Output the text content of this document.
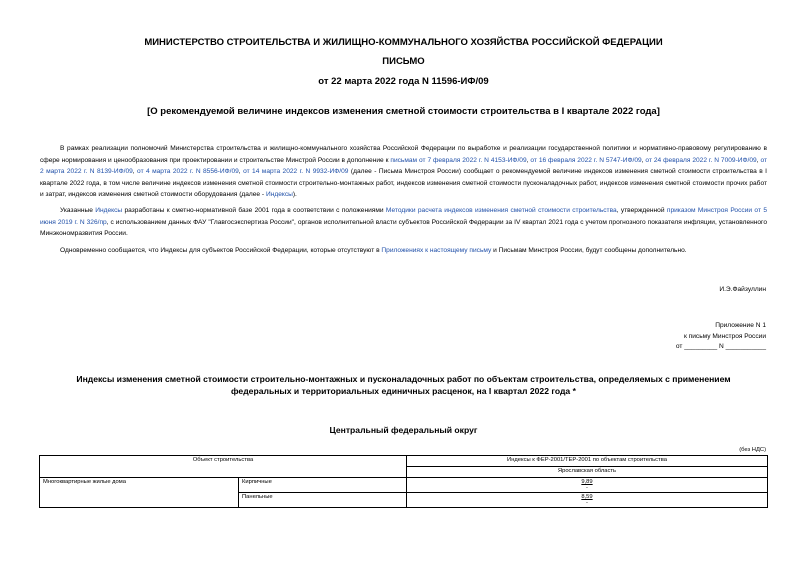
МИНИСТЕРСТВО СТРОИТЕЛЬСТВА И ЖИЛИЩНО-КОММУНАЛЬНОГО ХОЗЯЙСТВА РОССИЙСКОЙ ФЕДЕРАЦИИ
ПИСЬМО
от 22 марта 2022 года N 11596-ИФ/09
[О рекомендуемой величине индексов изменения сметной стоимости строительства в I квартале 2022 года]
В рамках реализации полномочий Министерства строительства и жилищно-коммунального хозяйства Российской Федерации по выработке и реализации государственной политики и нормативно-правовому регулированию в сфере нормирования и ценообразования при проектировании и строительстве Минстрой России в дополнение к письмам от 7 февраля 2022 г. N 4153-ИФ/09, от 16 февраля 2022 г. N 5747-ИФ/09, от 24 февраля 2022 г. N 7009-ИФ/09, от 2 марта 2022 г. N 8139-ИФ/09, от 4 марта 2022 г. N 8556-ИФ/09, от 14 марта 2022 г. N 9932-ИФ/09 (далее - Письма Минстроя России) сообщает о рекомендуемой величине индексов изменения сметной стоимости строительства в I квартале 2022 года, в том числе величине индексов изменения сметной стоимости строительно-монтажных работ, индексов изменения сметной стоимости пусконаладочных работ, индексов изменения сметной стоимости прочих работ и затрат, индексов изменения сметной стоимости оборудования (далее - Индексы).
Указанные Индексы разработаны к сметно-нормативной базе 2001 года в соответствии с положениями Методики расчета индексов изменения сметной стоимости строительства, утвержденной приказом Минстроя России от 5 июня 2019 г. N 326/пр, с использованием данных ФАУ "Главгосэкспертиза России", органов исполнительной власти субъектов Российской Федерации за IV квартал 2021 года с учетом прогнозного показателя инфляции, установленного Минэкономразвития России.
Одновременно сообщается, что Индексы для субъектов Российской Федерации, которые отсутствуют в Приложениях к настоящему письму и Письмам Минстроя России, будут сообщены дополнительно.
И.Э.Файзуллин
Приложение N 1
к письму Минстроя России
от _________ N ___________
Индексы изменения сметной стоимости строительно-монтажных и пусконаладочных работ по объектам строительства, определяемых с применением
федеральных и территориальных единичных расценок, на I квартал 2022 года *
Центральный федеральный округ
(без НДС)
Объект строительства		Индексы к ФЕР-2001/ТЕР-2001 по объектам строительства
		Ярославская область
Многоквартирные жилые дома	Кирпичные	9,89
-

	Панельные	8,59
-
